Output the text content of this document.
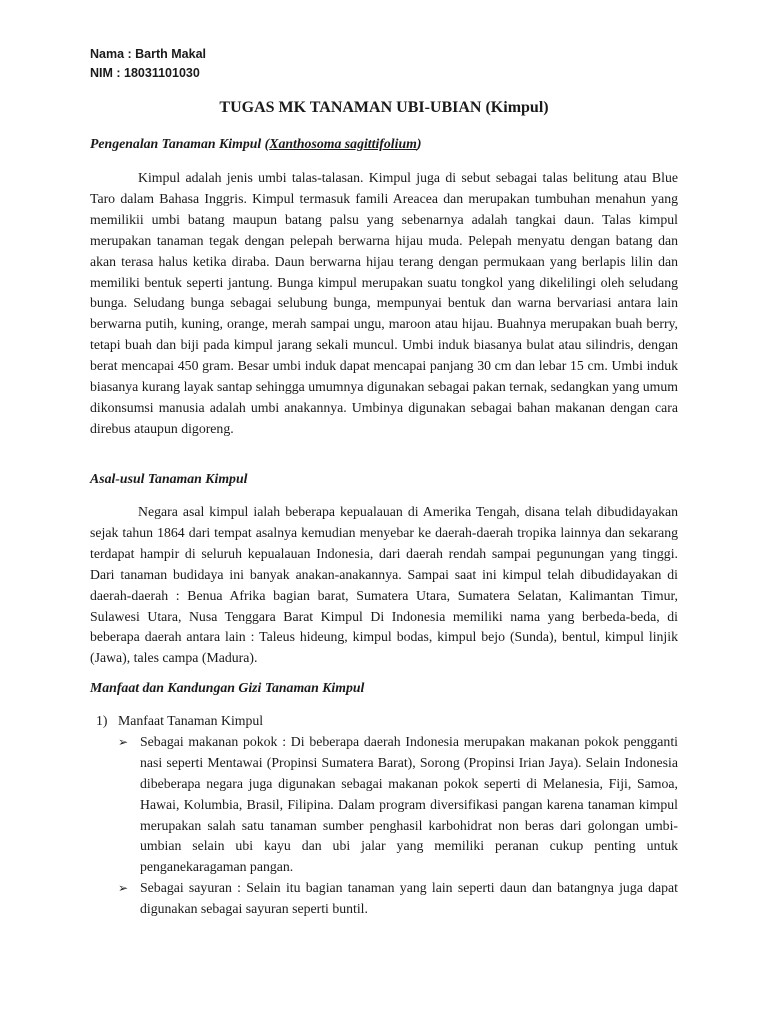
Nama : Barth Makal
NIM : 18031101030
TUGAS MK TANAMAN UBI-UBIAN (Kimpul)
Pengenalan Tanaman Kimpul (Xanthosoma sagittifolium)
Kimpul adalah jenis umbi talas-talasan. Kimpul juga di sebut sebagai talas belitung atau Blue Taro dalam Bahasa Inggris. Kimpul termasuk famili Areacea dan merupakan tumbuhan menahun yang memilikii umbi batang maupun batang palsu yang sebenarnya adalah tangkai daun. Talas kimpul merupakan tanaman tegak dengan pelepah berwarna hijau muda. Pelepah menyatu dengan batang dan akan terasa halus ketika diraba. Daun berwarna hijau terang dengan permukaan yang berlapis lilin dan memiliki bentuk seperti jantung. Bunga kimpul merupakan suatu tongkol yang dikelilingi oleh seludang bunga. Seludang bunga sebagai selubung bunga, mempunyai bentuk dan warna bervariasi antara lain berwarna putih, kuning, orange, merah sampai ungu, maroon atau hijau. Buahnya merupakan buah berry, tetapi buah dan biji pada kimpul jarang sekali muncul. Umbi induk biasanya bulat atau silindris, dengan berat mencapai 450 gram. Besar umbi induk dapat mencapai panjang 30 cm dan lebar 15 cm. Umbi induk biasanya kurang layak santap sehingga umumnya digunakan sebagai pakan ternak, sedangkan yang umum dikonsumsi manusia adalah umbi anakannya. Umbinya digunakan sebagai bahan makanan dengan cara direbus ataupun digoreng.
Asal-usul Tanaman Kimpul
Negara asal kimpul ialah beberapa kepualauan di Amerika Tengah, disana telah dibudidayakan sejak tahun 1864 dari tempat asalnya kemudian menyebar ke daerah-daerah tropika lainnya dan sekarang terdapat hampir di seluruh kepualauan Indonesia, dari daerah rendah sampai pegunungan yang tinggi. Dari tanaman budidaya ini banyak anakan-anakannya. Sampai saat ini kimpul telah dibudidayakan di daerah-daerah : Benua Afrika bagian barat, Sumatera Utara, Sumatera Selatan, Kalimantan Timur, Sulawesi Utara, Nusa Tenggara Barat Kimpul Di Indonesia memiliki nama yang berbeda-beda, di beberapa daerah antara lain : Taleus hideung, kimpul bodas, kimpul bejo (Sunda), bentul, kimpul linjik (Jawa), tales campa (Madura).
Manfaat dan Kandungan Gizi Tanaman Kimpul
1) Manfaat Tanaman Kimpul
➢ Sebagai makanan pokok : Di beberapa daerah Indonesia merupakan makanan pokok pengganti nasi seperti Mentawai (Propinsi Sumatera Barat), Sorong (Propinsi Irian Jaya). Selain Indonesia dibeberapa negara juga digunakan sebagai makanan pokok seperti di Melanesia, Fiji, Samoa, Hawai, Kolumbia, Brasil, Filipina. Dalam program diversifikasi pangan karena tanaman kimpul merupakan salah satu tanaman sumber penghasil karbohidrat non beras dari golongan umbi-umbian selain ubi kayu dan ubi jalar yang memiliki peranan cukup penting untuk penganekaragaman pangan.
➢ Sebagai sayuran : Selain itu bagian tanaman yang lain seperti daun dan batangnya juga dapat digunakan sebagai sayuran seperti buntil.
